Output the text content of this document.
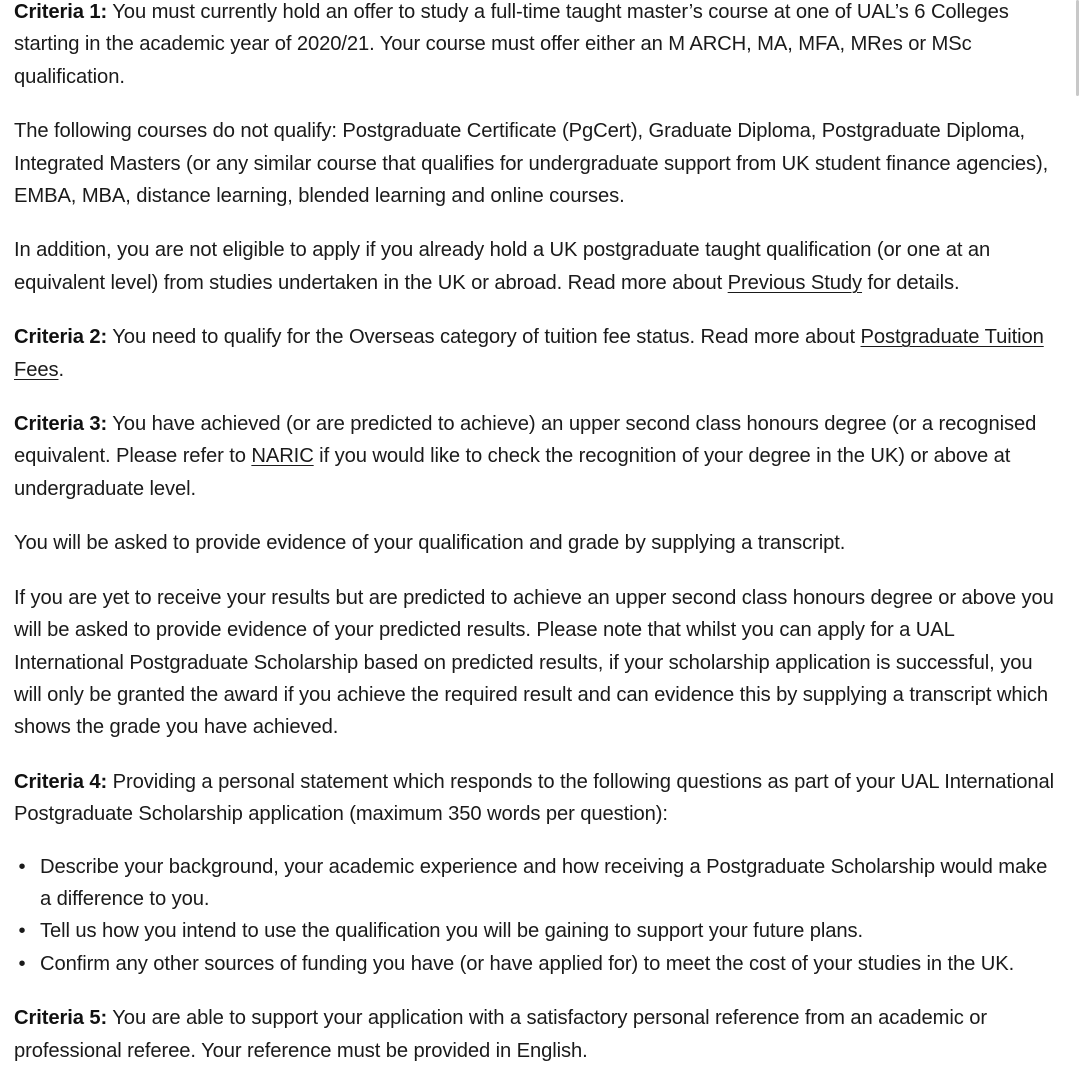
Criteria 1: You must currently hold an offer to study a full-time taught master’s course at one of UAL’s 6 Colleges starting in the academic year of 2020/21. Your course must offer either an M ARCH, MA, MFA, MRes or MSc qualification.

The following courses do not qualify: Postgraduate Certificate (PgCert), Graduate Diploma, Postgraduate Diploma, Integrated Masters (or any similar course that qualifies for undergraduate support from UK student finance agencies), EMBA, MBA, distance learning, blended learning and online courses.

In addition, you are not eligible to apply if you already hold a UK postgraduate taught qualification (or one at an equivalent level) from studies undertaken in the UK or abroad. Read more about Previous Study for details.

Criteria 2: You need to qualify for the Overseas category of tuition fee status. Read more about Postgraduate Tuition Fees.

Criteria 3: You have achieved (or are predicted to achieve) an upper second class honours degree (or a recognised equivalent. Please refer to NARIC if you would like to check the recognition of your degree in the UK) or above at undergraduate level.

You will be asked to provide evidence of your qualification and grade by supplying a transcript.

If you are yet to receive your results but are predicted to achieve an upper second class honours degree or above you will be asked to provide evidence of your predicted results. Please note that whilst you can apply for a UAL International Postgraduate Scholarship based on predicted results, if your scholarship application is successful, you will only be granted the award if you achieve the required result and can evidence this by supplying a transcript which shows the grade you have achieved.

Criteria 4: Providing a personal statement which responds to the following questions as part of your UAL International Postgraduate Scholarship application (maximum 350 words per question):

• Describe your background, your academic experience and how receiving a Postgraduate Scholarship would make a difference to you.
• Tell us how you intend to use the qualification you will be gaining to support your future plans.
• Confirm any other sources of funding you have (or have applied for) to meet the cost of your studies in the UK.

Criteria 5: You are able to support your application with a satisfactory personal reference from an academic or professional referee. Your reference must be provided in English.
